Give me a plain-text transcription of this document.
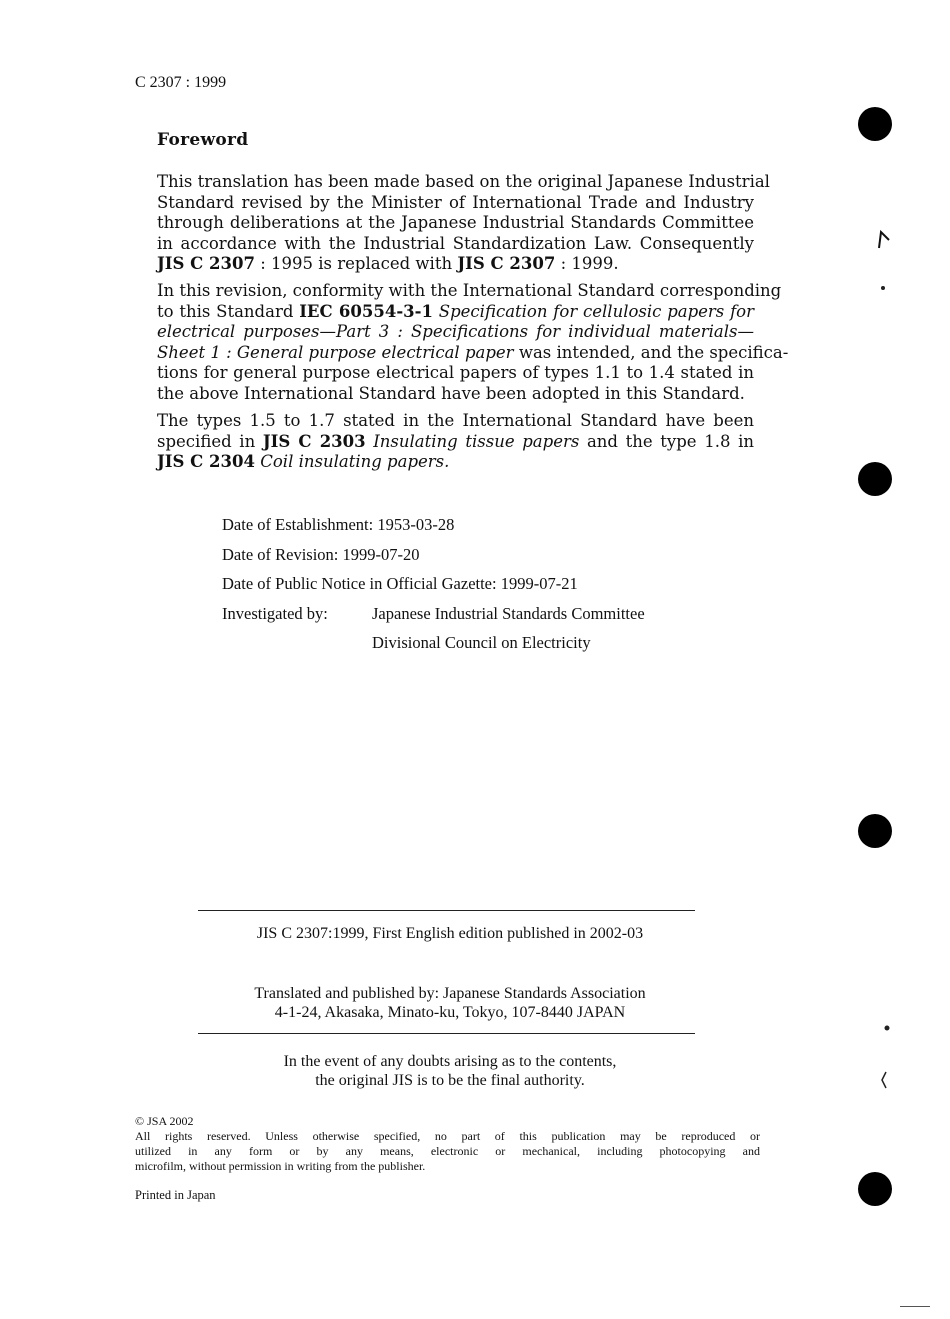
C 2307 : 1999
Foreword
This translation has been made based on the original Japanese Industrial
Standard revised by the Minister of International Trade and Industry
through deliberations at the Japanese Industrial Standards Committee
in accordance with the Industrial Standardization Law. Consequently
JIS C 2307 : 1995 is replaced with JIS C 2307 : 1999.
In this revision, conformity with the International Standard corresponding
to this Standard IEC 60554-3-1 Specification for cellulosic papers for
electrical purposes—Part 3 : Specifications for individual materials—
Sheet 1 : General purpose electrical paper was intended, and the specifica-
tions for general purpose electrical papers of types 1.1 to 1.4 stated in
the above International Standard have been adopted in this Standard.
The types 1.5 to 1.7 stated in the International Standard have been
specified in JIS C 2303 Insulating tissue papers and the type 1.8 in
JIS C 2304 Coil insulating papers.
Date of Establishment: 1953-03-28
Date of Revision: 1999-07-20
Date of Public Notice in Official Gazette: 1999-07-21
Investigated by:	Japanese Industrial Standards Committee
Divisional Council on Electricity
JIS C 2307:1999, First English edition published in 2002-03
Translated and published by: Japanese Standards Association
4-1-24, Akasaka, Minato-ku, Tokyo, 107-8440 JAPAN
In the event of any doubts arising as to the contents,
the original JIS is to be the final authority.
© JSA 2002
All rights reserved. Unless otherwise specified, no part of this publication may be reproduced or
utilized in any form or by any means, electronic or mechanical, including photocopying and
microfilm, without permission in writing from the publisher.
Printed in Japan
